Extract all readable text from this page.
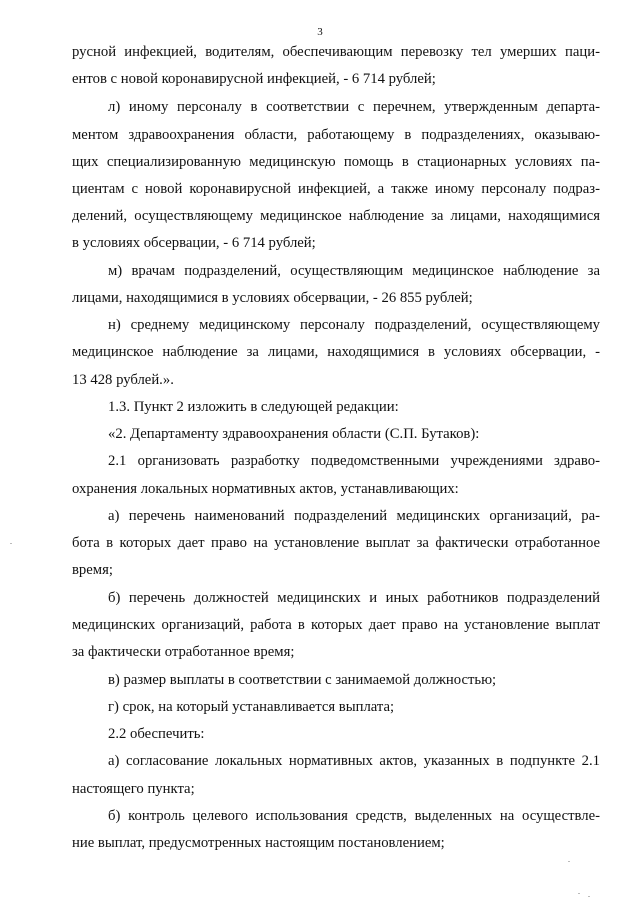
3
русной инфекцией, водителям, обеспечивающим перевозку тел умерших паци-
ентов с новой коронавирусной инфекцией, - 6 714 рублей;
л) иному персоналу в соответствии с перечнем, утвержденным департа-
ментом здравоохранения области, работающему в подразделениях, оказываю-
щих специализированную медицинскую помощь в стационарных условиях па-
циентам с новой коронавирусной инфекцией, а также иному персоналу подраз-
делений, осуществляющему медицинское наблюдение за лицами, находящимися
в условиях обсервации, - 6 714 рублей;
м) врачам подразделений, осуществляющим медицинское наблюдение за
лицами, находящимися в условиях обсервации, - 26 855 рублей;
н) среднему медицинскому персоналу подразделений, осуществляющему
медицинское наблюдение за лицами, находящимися в условиях обсервации, -
13 428 рублей.».
1.3. Пункт 2 изложить в следующей редакции:
«2. Департаменту здравоохранения области (С.П. Бутаков):
2.1 организовать разработку подведомственными учреждениями здраво-
охранения локальных нормативных актов, устанавливающих:
а) перечень наименований подразделений медицинских организаций, ра-
бота в которых дает право на установление выплат за фактически отработанное
время;
б) перечень должностей медицинских и иных работников подразделений
медицинских организаций, работа в которых дает право на установление выплат
за фактически отработанное время;
в) размер выплаты в соответствии с занимаемой должностью;
г) срок, на который устанавливается выплата;
2.2 обеспечить:
а) согласование локальных нормативных актов, указанных в подпункте 2.1
настоящего пункта;
б) контроль целевого использования средств, выделенных на осуществле-
ние выплат, предусмотренных настоящим постановлением;
